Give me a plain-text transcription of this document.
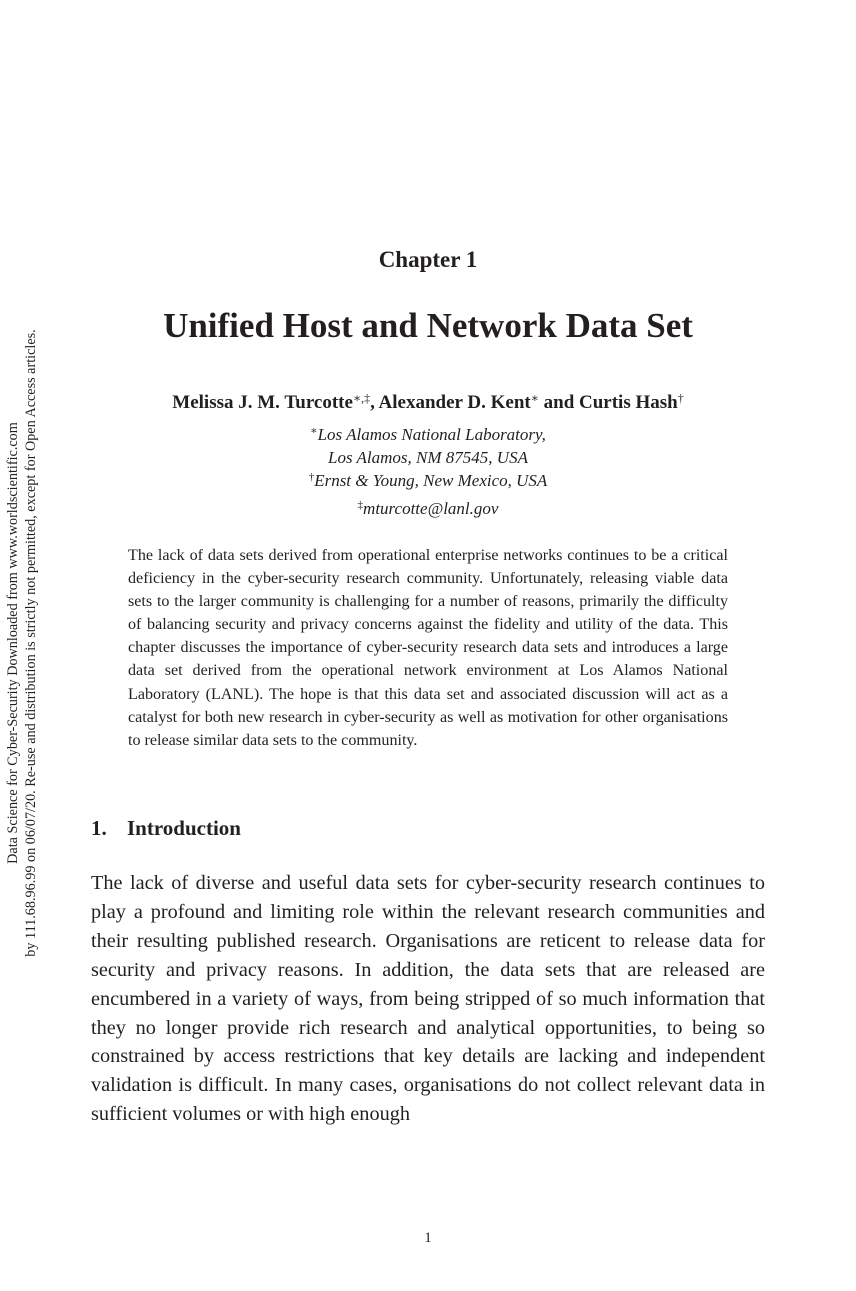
Data Science for Cyber-Security Downloaded from www.worldscientific.com by 111.68.96.99 on 06/07/20. Re-use and distribution is strictly not permitted, except for Open Access articles.
Chapter 1
Unified Host and Network Data Set
Melissa J. M. Turcotte∗,‡, Alexander D. Kent∗ and Curtis Hash†
∗Los Alamos National Laboratory,
Los Alamos, NM 87545, USA
†Ernst & Young, New Mexico, USA
‡mturcotte@lanl.gov

The lack of data sets derived from operational enterprise networks continues to be a critical deficiency in the cyber-security research community. Unfortunately, releasing viable data sets to the larger community is challenging for a number of reasons, primarily the difficulty of balancing security and privacy concerns against the fidelity and utility of the data. This chapter discusses the importance of cyber-security research data sets and introduces a large data set derived from the operational network environment at Los Alamos National Laboratory (LANL). The hope is that this data set and associated discussion will act as a catalyst for both new research in cyber-security as well as motivation for other organisations to release similar data sets to the community.

1. Introduction

The lack of diverse and useful data sets for cyber-security research continues to play a profound and limiting role within the relevant research communities and their resulting published research. Organisations are reticent to release data for security and privacy reasons. In addition, the data sets that are released are encumbered in a variety of ways, from being stripped of so much information that they no longer provide rich research and analytical opportunities, to being so constrained by access restrictions that key details are lacking and independent validation is difficult. In many cases, organisations do not collect relevant data in sufficient volumes or with high enough

1
